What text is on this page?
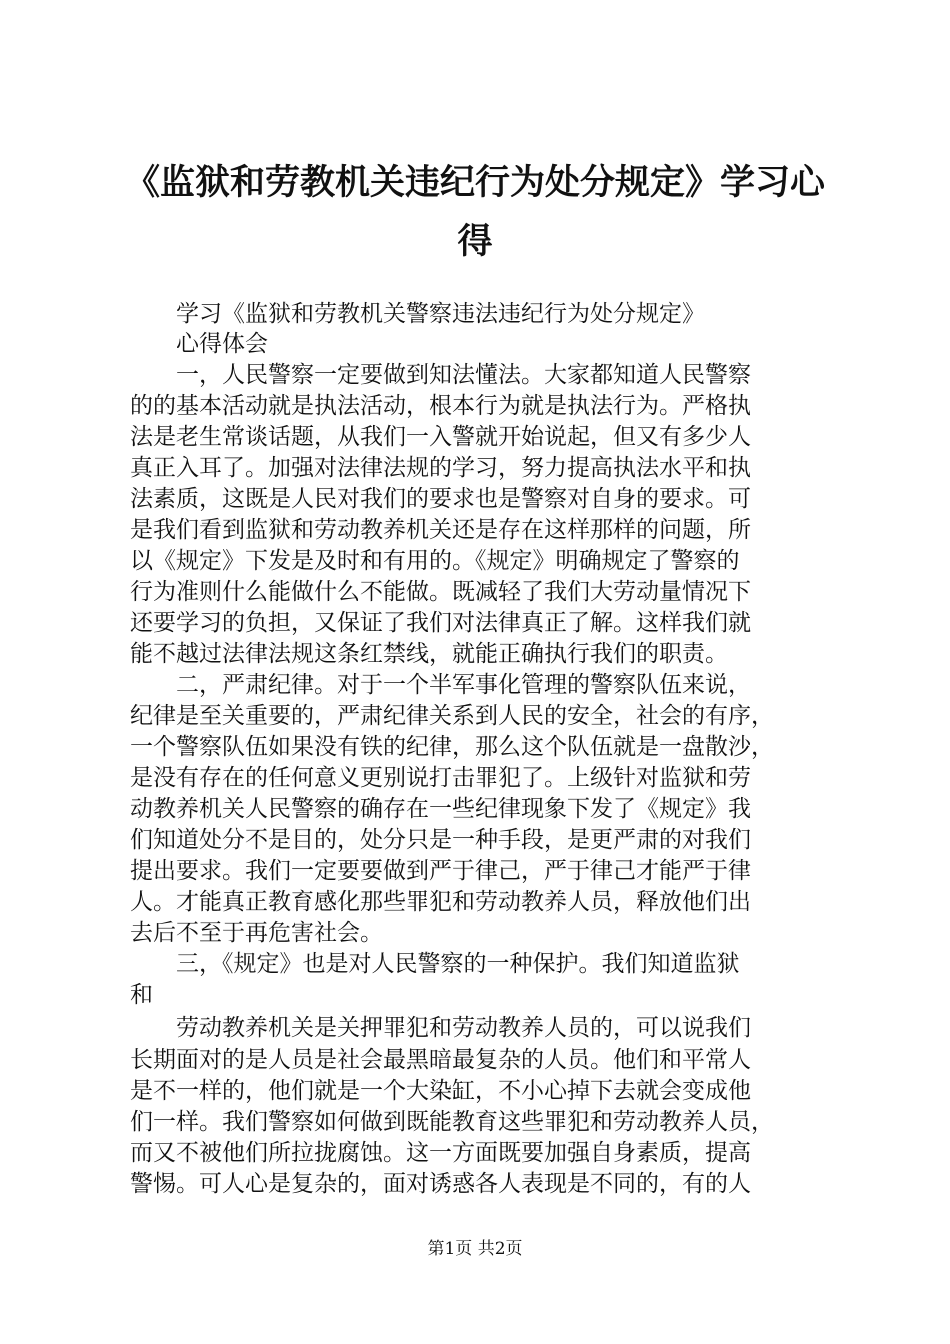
《监狱和劳教机关违纪行为处分规定》学习心
得
　　学习《监狱和劳教机关警察违法违纪行为处分规定》
　　心得体会
　　一，人民警察一定要做到知法懂法。大家都知道人民警察
的的基本活动就是执法活动，根本行为就是执法行为。严格执
法是老生常谈话题，从我们一入警就开始说起，但又有多少人
真正入耳了。加强对法律法规的学习，努力提高执法水平和执
法素质，这既是人民对我们的要求也是警察对自身的要求。可
是我们看到监狱和劳动教养机关还是存在这样那样的问题，所
以《规定》下发是及时和有用的。《规定》明确规定了警察的
行为准则什么能做什么不能做。既减轻了我们大劳动量情况下
还要学习的负担，又保证了我们对法律真正了解。这样我们就
能不越过法律法规这条红禁线，就能正确执行我们的职责。
　　二，严肃纪律。对于一个半军事化管理的警察队伍来说，
纪律是至关重要的，严肃纪律关系到人民的安全，社会的有序，
一个警察队伍如果没有铁的纪律，那么这个队伍就是一盘散沙，
是没有存在的任何意义更别说打击罪犯了。上级针对监狱和劳
动教养机关人民警察的确存在一些纪律现象下发了《规定》我
们知道处分不是目的，处分只是一种手段，是更严肃的对我们
提出要求。我们一定要要做到严于律己，严于律己才能严于律
人。才能真正教育感化那些罪犯和劳动教养人员，释放他们出
去后不至于再危害社会。
　　三，《规定》也是对人民警察的一种保护。我们知道监狱
和
　　劳动教养机关是关押罪犯和劳动教养人员的，可以说我们
长期面对的是人员是社会最黑暗最复杂的人员。他们和平常人
是不一样的，他们就是一个大染缸，不小心掉下去就会变成他
们一样。我们警察如何做到既能教育这些罪犯和劳动教养人员，
而又不被他们所拉拢腐蚀。这一方面既要加强自身素质，提高
警惕。可人心是复杂的，面对诱惑各人表现是不同的，有的人
第1页 共2页
